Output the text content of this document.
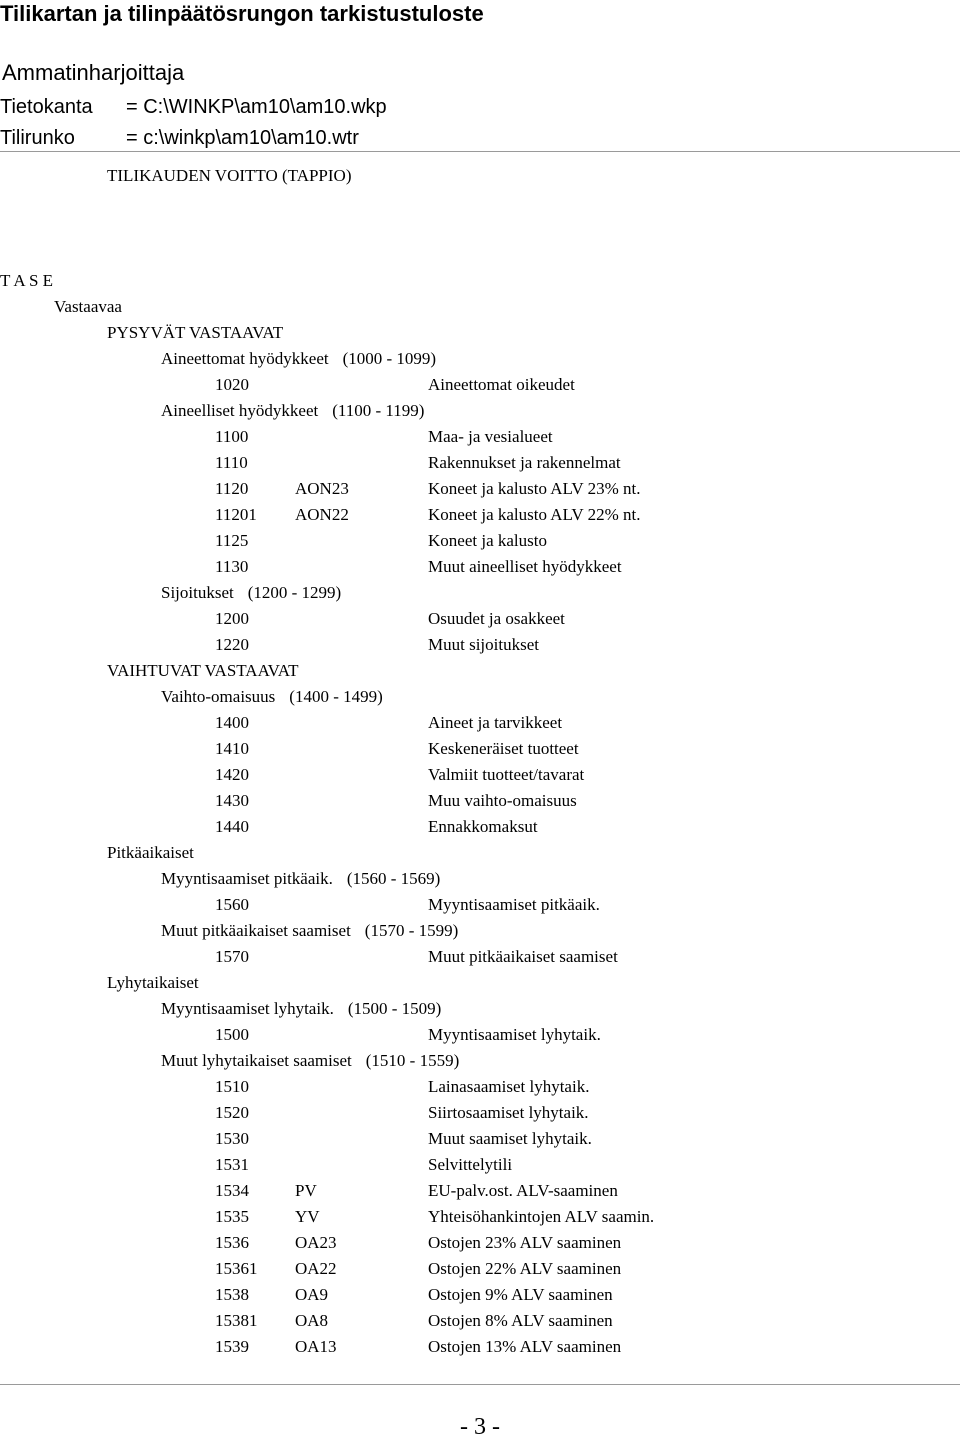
Tilikartan ja tilinpäätösrungon tarkistustuloste
Ammatinharjoittaja
Tietokanta = C:\WINKP\am10\am10.wkp
Tilirunko	= c:\winkp\am10\am10.wtr
TILIKAUDEN VOITTO (TAPPIO)
T A S E
Vastaavaa
PYSYVÄT VASTAAVAT
Aineettomat hyödykkeet (1000 - 1099)
1020	Aineettomat oikeudet
Aineelliset hyödykkeet (1100 - 1199)
1100	Maa- ja vesialueet
1110	Rakennukset ja rakennelmat
1120	AON23	Koneet ja kalusto ALV 23% nt.
11201 AON22	Koneet ja kalusto ALV 22% nt.
1125	Koneet ja kalusto
1130	Muut aineelliset hyödykkeet
Sijoitukset (1200 - 1299)
1200	Osuudet ja osakkeet
1220	Muut sijoitukset
VAIHTUVAT VASTAAVAT
Vaihto-omaisuus (1400 - 1499)
1400	Aineet ja tarvikkeet
1410	Keskeneräiset tuotteet
1420	Valmiit tuotteet/tavarat
1430	Muu vaihto-omaisuus
1440	Ennakkomaksut
Pitkäaikaiset
Myyntisaamiset pitkäaik. (1560 - 1569)
1560	Myyntisaamiset pitkäaik.
Muut pitkäaikaiset saamiset (1570 - 1599)
1570	Muut pitkäaikaiset saamiset
Lyhytaikaiset
Myyntisaamiset lyhytaik. (1500 - 1509)
1500	Myyntisaamiset lyhytaik.
Muut lyhytaikaiset saamiset (1510 - 1559)
1510	Lainasaamiset lyhytaik.
1520	Siirtosaamiset lyhytaik.
1530	Muut saamiset lyhytaik.
1531	Selvittelytili
1534	PV	EU-palv.ost. ALV-saaminen
1535	YV	Yhteisöhankintojen ALV saamin.
1536	OA23	Ostojen 23% ALV saaminen
15361 OA22	Ostojen 22% ALV saaminen
1538	OA9	Ostojen 9% ALV saaminen
15381 OA8	Ostojen 8% ALV saaminen
1539	OA13	Ostojen 13% ALV saaminen
- 3 -
